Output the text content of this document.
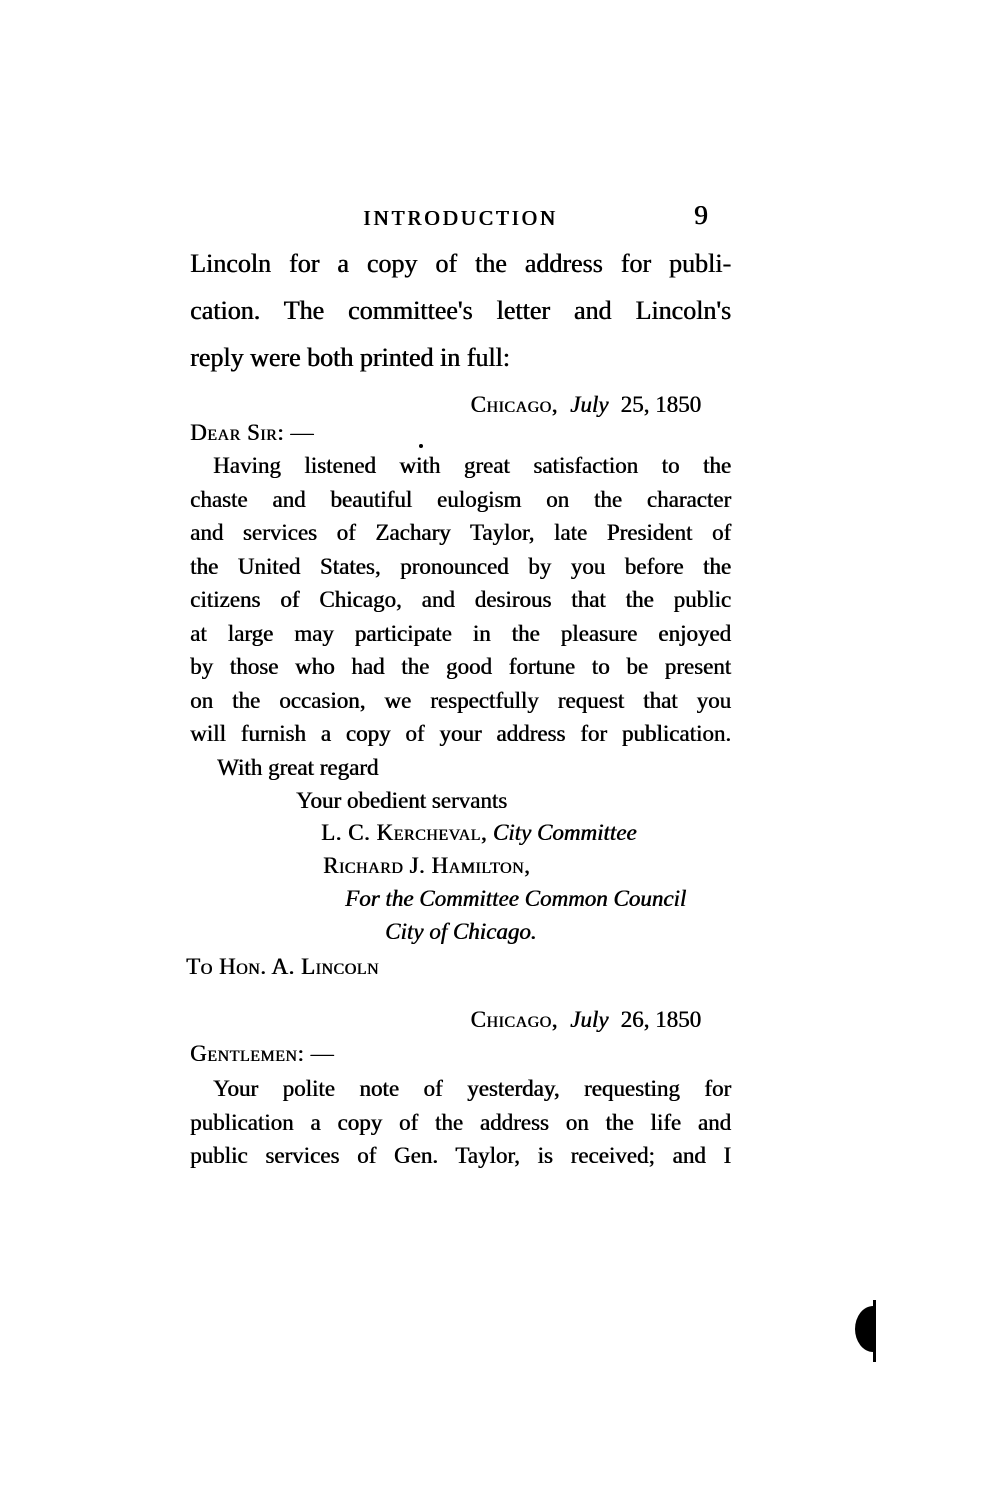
INTRODUCTION	9
Lincoln for a copy of the address for publi-
cation. The committee's letter and Lincoln's
reply were both printed in full:
Chicago, July 25, 1850
Dear Sir: —
Having listened with great satisfaction to the
chaste and beautiful eulogism on the character
and services of Zachary Taylor, late President of
the United States, pronounced by you before the
citizens of Chicago, and desirous that the public
at large may participate in the pleasure enjoyed
by those who had the good fortune to be present
on the occasion, we respectfully request that you
will furnish a copy of your address for publication.
With great regard
Your obedient servants
L. C. Kercheval, City Committee
Richard J. Hamilton,
For the Committee Common Council
City of Chicago.
To Hon. A. Lincoln
Chicago, July 26, 1850
Gentlemen: —
Your polite note of yesterday, requesting for
publication a copy of the address on the life and
public services of Gen. Taylor, is received; and I
